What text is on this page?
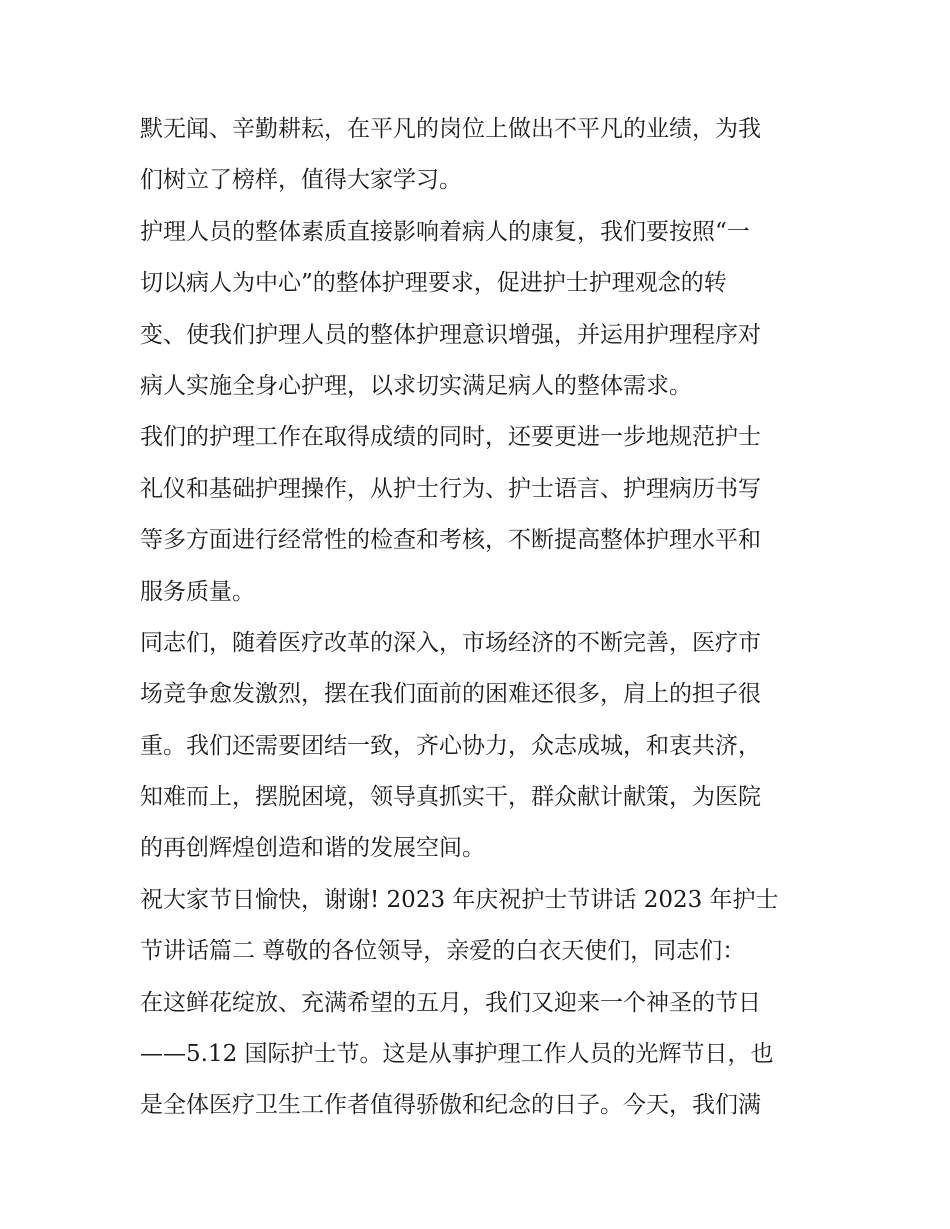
默无闻、辛勤耕耘，在平凡的岗位上做出不平凡的业绩，为我
们树立了榜样，值得大家学习。
护理人员的整体素质直接影响着病人的康复，我们要按照“一
切以病人为中心”的整体护理要求，促进护士护理观念的转
变、使我们护理人员的整体护理意识增强，并运用护理程序对
病人实施全身心护理，以求切实满足病人的整体需求。
我们的护理工作在取得成绩的同时，还要更进一步地规范护士
礼仪和基础护理操作，从护士行为、护士语言、护理病历书写
等多方面进行经常性的检查和考核，不断提高整体护理水平和
服务质量。
同志们，随着医疗改革的深入，市场经济的不断完善，医疗市
场竞争愈发激烈，摆在我们面前的困难还很多，肩上的担子很
重。我们还需要团结一致，齐心协力，众志成城，和衷共济，
知难而上，摆脱困境，领导真抓实干，群众献计献策，为医院
的再创辉煌创造和谐的发展空间。
祝大家节日愉快，谢谢! 2023 年庆祝护士节讲话 2023 年护士
节讲话篇二 尊敬的各位领导，亲爱的白衣天使们，同志们：
在这鲜花绽放、充满希望的五月，我们又迎来一个神圣的节日
——5.12 国际护士节。这是从事护理工作人员的光辉节日，也
是全体医疗卫生工作者值得骄傲和纪念的日子。今天，我们满
